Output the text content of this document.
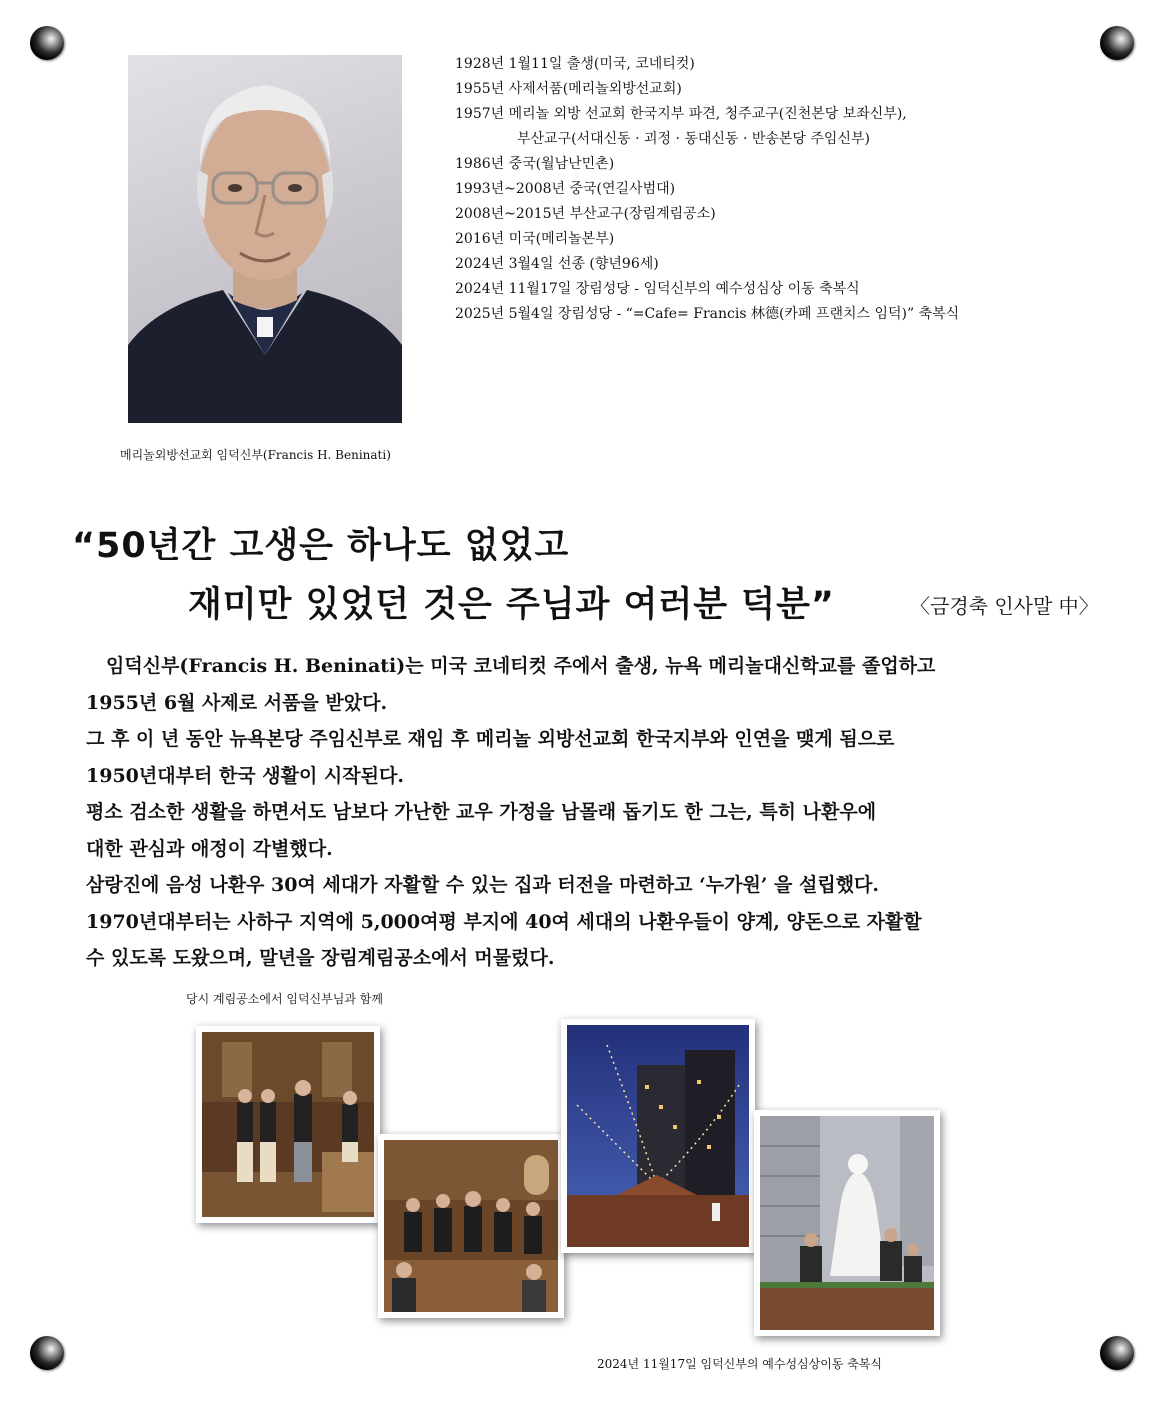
메리놀외방선교회 임덕신부(Francis H. Beninati)
1928년 1월11일 출생(미국, 코네티컷)
1955년 사제서품(메리놀외방선교회)
1957년 메리놀 외방 선교회 한국지부 파견, 청주교구(진천본당 보좌신부),
부산교구(서대신동 · 괴정 · 동대신동 · 반송본당 주임신부)
1986년 중국(월남난민촌)
1993년~2008년 중국(연길사범대)
2008년~2015년 부산교구(장림계림공소)
2016년 미국(메리놀본부)
2024년 3월4일 선종 (향년96세)
2024년 11월17일 장림성당 - 임덕신부의 예수성심상 이동 축복식
2025년 5월4일 장림성당 - “=Cafe= Francis 林德(카페 프랜치스 임덕)” 축복식
“50년간 고생은 하나도 없었고
재미만 있었던 것은 주님과 여러분 덕분”	〈금경축 인사말 中〉

임덕신부(Francis H. Beninati)는 미국 코네티컷 주에서 출생, 뉴욕 메리놀대신학교를 졸업하고

1955년 6월 사제로 서품을 받았다.

그 후 이 년 동안 뉴욕본당 주임신부로 재임 후 메리놀 외방선교회 한국지부와 인연을 맺게 됨으로

1950년대부터 한국 생활이 시작된다.

평소 검소한 생활을 하면서도 남보다 가난한 교우 가정을 남몰래 돕기도 한 그는, 특히 나환우에

대한 관심과 애정이 각별했다.

삼랑진에 음성 나환우 30여 세대가 자활할 수 있는 집과 터전을 마련하고 ‘누가원’ 을 설립했다.

1970년대부터는 사하구 지역에 5,000여평 부지에 40여 세대의 나환우들이 양계, 양돈으로 자활할

수 있도록 도왔으며, 말년을 장림계림공소에서 머물렀다.

당시 계림공소에서 임덕신부님과 함께
2024년 11월17일 임덕신부의 예수성심상이동 축복식
